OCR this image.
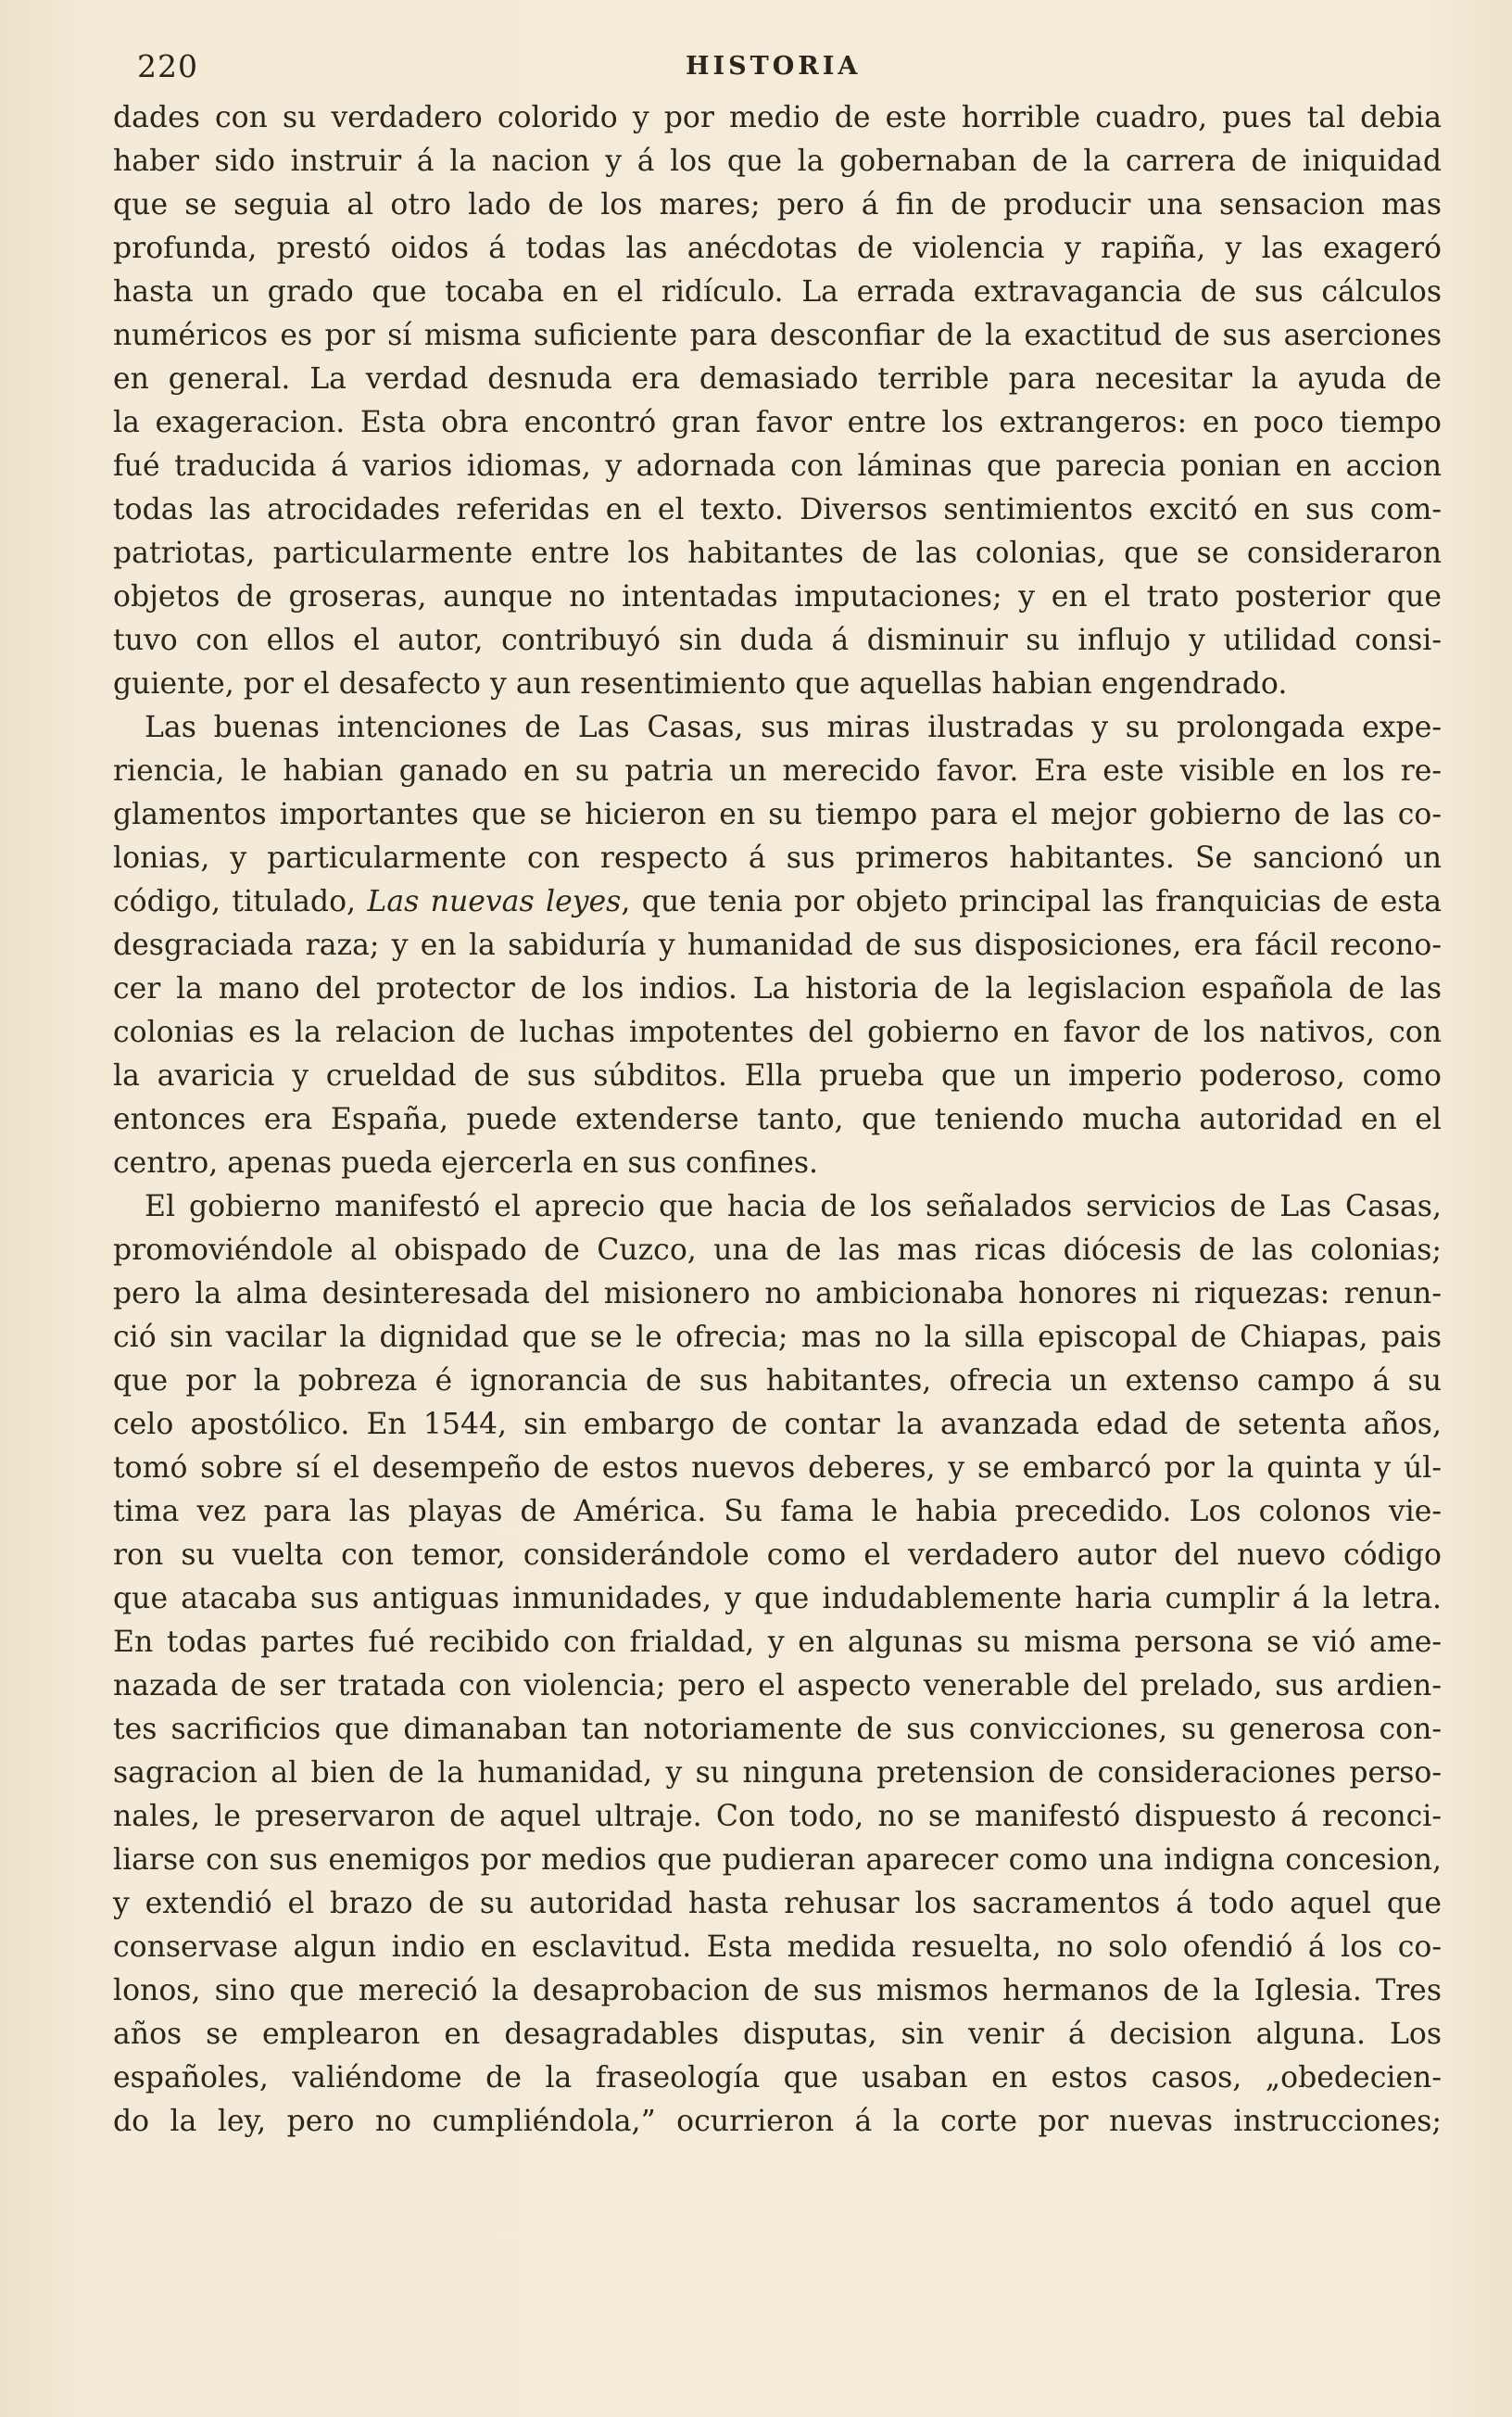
220	HISTORIA
dades con su verdadero colorido y por medio de este horrible cuadro, pues tal debia
haber sido instruir á la nacion y á los que la gobernaban de la carrera de iniquidad
que se seguia al otro lado de los mares; pero á fin de producir una sensacion mas
profunda, prestó oidos á todas las anécdotas de violencia y rapiña, y las exageró
hasta un grado que tocaba en el ridículo. La errada extravagancia de sus cálculos
numéricos es por sí misma suficiente para desconfiar de la exactitud de sus aserciones
en general. La verdad desnuda era demasiado terrible para necesitar la ayuda de
la exageracion. Esta obra encontró gran favor entre los extrangeros: en poco tiempo
fué traducida á varios idiomas, y adornada con láminas que parecia ponian en accion
todas las atrocidades referidas en el texto. Diversos sentimientos excitó en sus com-
patriotas, particularmente entre los habitantes de las colonias, que se consideraron
objetos de groseras, aunque no intentadas imputaciones; y en el trato posterior que
tuvo con ellos el autor, contribuyó sin duda á disminuir su influjo y utilidad consi-
guiente, por el desafecto y aun resentimiento que aquellas habian engendrado.
Las buenas intenciones de Las Casas, sus miras ilustradas y su prolongada expe-
riencia, le habian ganado en su patria un merecido favor. Era este visible en los re-
glamentos importantes que se hicieron en su tiempo para el mejor gobierno de las co-
lonias, y particularmente con respecto á sus primeros habitantes. Se sancionó un
código, titulado, Las nuevas leyes, que tenia por objeto principal las franquicias de esta
desgraciada raza; y en la sabiduría y humanidad de sus disposiciones, era fácil recono-
cer la mano del protector de los indios. La historia de la legislacion española de las
colonias es la relacion de luchas impotentes del gobierno en favor de los nativos, con
la avaricia y crueldad de sus súbditos. Ella prueba que un imperio poderoso, como
entonces era España, puede extenderse tanto, que teniendo mucha autoridad en el
centro, apenas pueda ejercerla en sus confines.
El gobierno manifestó el aprecio que hacia de los señalados servicios de Las Casas,
promoviéndole al obispado de Cuzco, una de las mas ricas diócesis de las colonias;
pero la alma desinteresada del misionero no ambicionaba honores ni riquezas: renun-
ció sin vacilar la dignidad que se le ofrecia; mas no la silla episcopal de Chiapas, pais
que por la pobreza é ignorancia de sus habitantes, ofrecia un extenso campo á su
celo apostólico. En 1544, sin embargo de contar la avanzada edad de setenta años,
tomó sobre sí el desempeño de estos nuevos deberes, y se embarcó por la quinta y úl-
tima vez para las playas de América. Su fama le habia precedido. Los colonos vie-
ron su vuelta con temor, considerándole como el verdadero autor del nuevo código
que atacaba sus antiguas inmunidades, y que indudablemente haria cumplir á la letra.
En todas partes fué recibido con frialdad, y en algunas su misma persona se vió ame-
nazada de ser tratada con violencia; pero el aspecto venerable del prelado, sus ardien-
tes sacrificios que dimanaban tan notoriamente de sus convicciones, su generosa con-
sagracion al bien de la humanidad, y su ninguna pretension de consideraciones perso-
nales, le preservaron de aquel ultraje. Con todo, no se manifestó dispuesto á reconci-
liarse con sus enemigos por medios que pudieran aparecer como una indigna concesion,
y extendió el brazo de su autoridad hasta rehusar los sacramentos á todo aquel que
conservase algun indio en esclavitud. Esta medida resuelta, no solo ofendió á los co-
lonos, sino que mereció la desaprobacion de sus mismos hermanos de la Iglesia. Tres
años se emplearon en desagradables disputas, sin venir á decision alguna. Los
españoles, valiéndome de la fraseología que usaban en estos casos, „obedecien-
do la ley, pero no cumpliéndola,” ocurrieron á la corte por nuevas instrucciones;
